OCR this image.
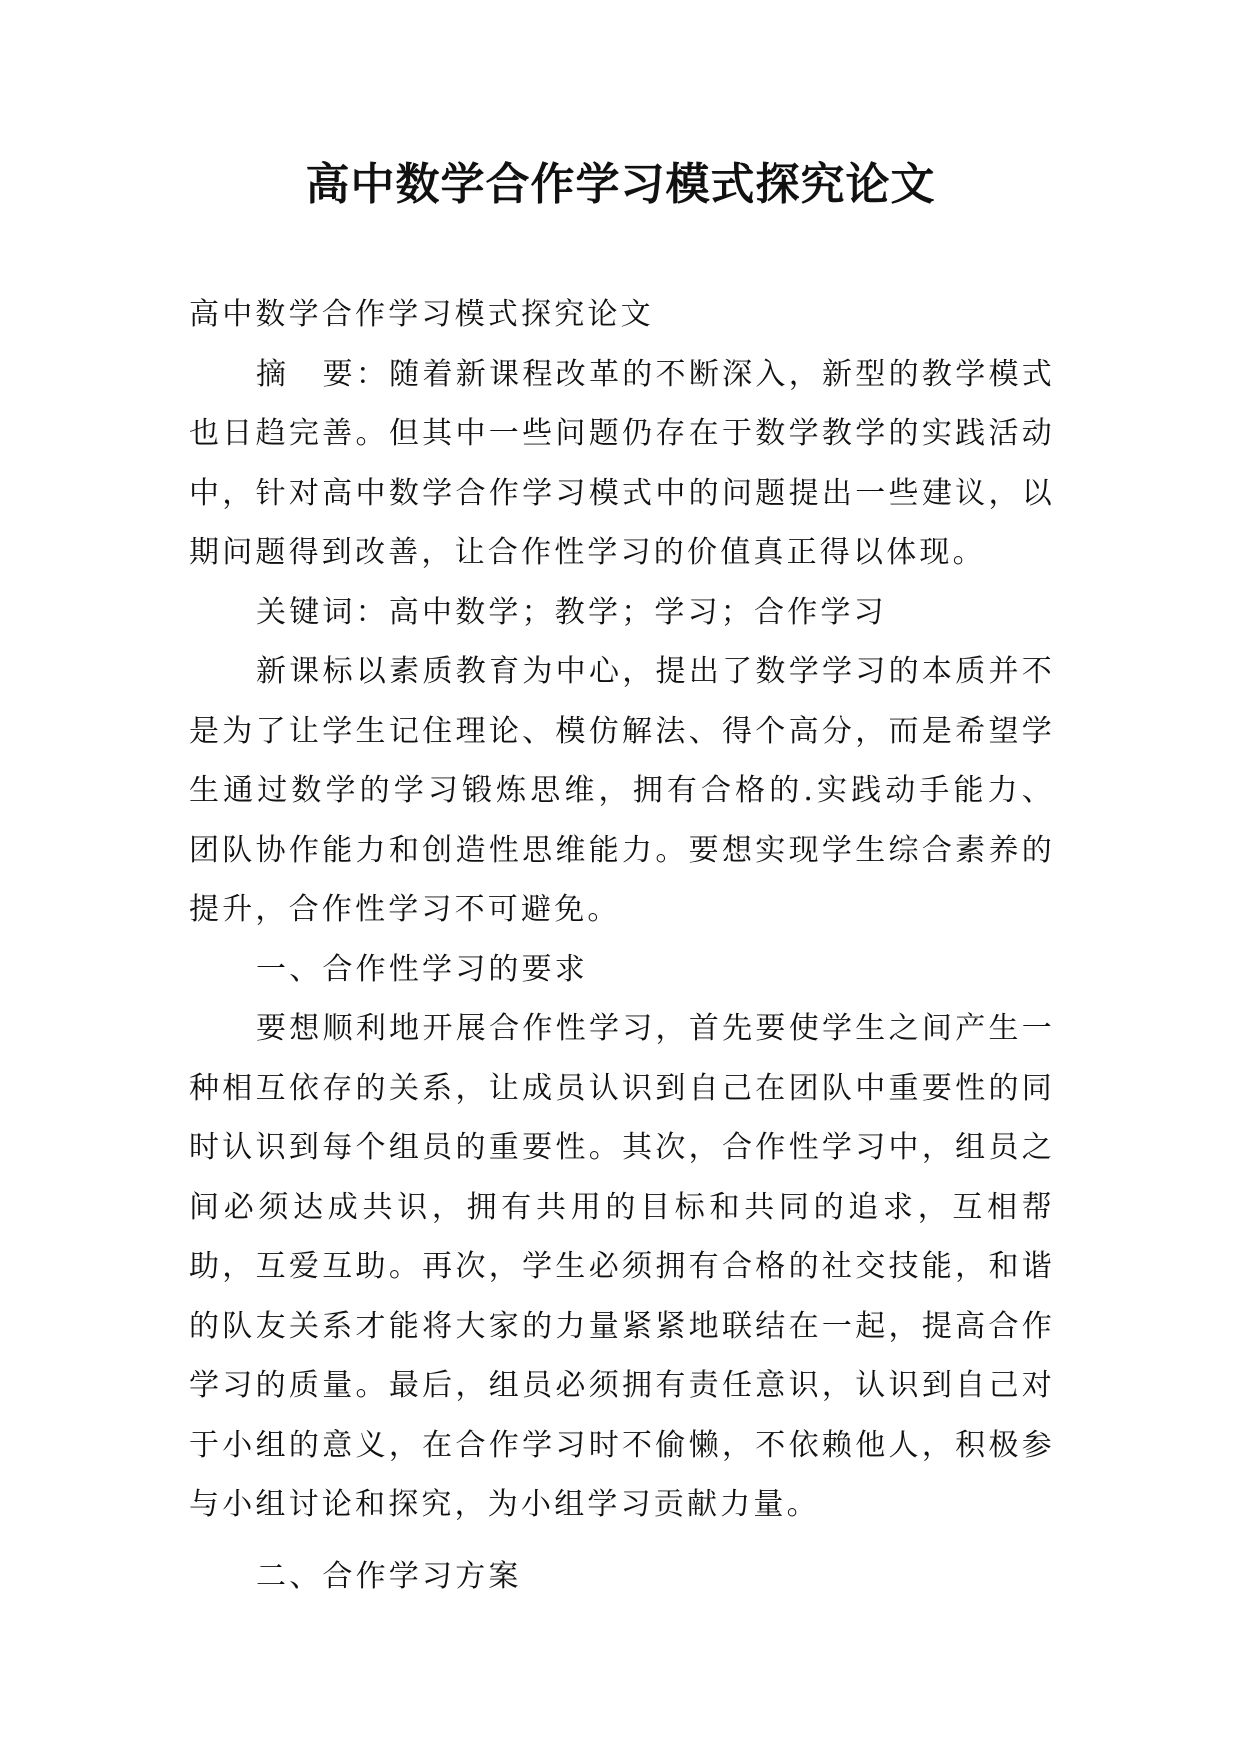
高中数学合作学习模式探究论文

高中数学合作学习模式探究论文

摘　要：随着新课程改革的不断深入，新型的教学模式也日趋完善。但其中一些问题仍存在于数学教学的实践活动中，针对高中数学合作学习模式中的问题提出一些建议，以期问题得到改善，让合作性学习的价值真正得以体现。

关键词：高中数学；教学；学习；合作学习

新课标以素质教育为中心，提出了数学学习的本质并不是为了让学生记住理论、模仿解法、得个高分，而是希望学生通过数学的学习锻炼思维，拥有合格的.实践动手能力、团队协作能力和创造性思维能力。要想实现学生综合素养的提升，合作性学习不可避免。

一、合作性学习的要求

要想顺利地开展合作性学习，首先要使学生之间产生一种相互依存的关系，让成员认识到自己在团队中重要性的同时认识到每个组员的重要性。其次，合作性学习中，组员之间必须达成共识，拥有共用的目标和共同的追求，互相帮助，互爱互助。再次，学生必须拥有合格的社交技能，和谐的队友关系才能将大家的力量紧紧地联结在一起，提高合作学习的质量。最后，组员必须拥有责任意识，认识到自己对于小组的意义，在合作学习时不偷懒，不依赖他人，积极参与小组讨论和探究，为小组学习贡献力量。

二、合作学习方案
